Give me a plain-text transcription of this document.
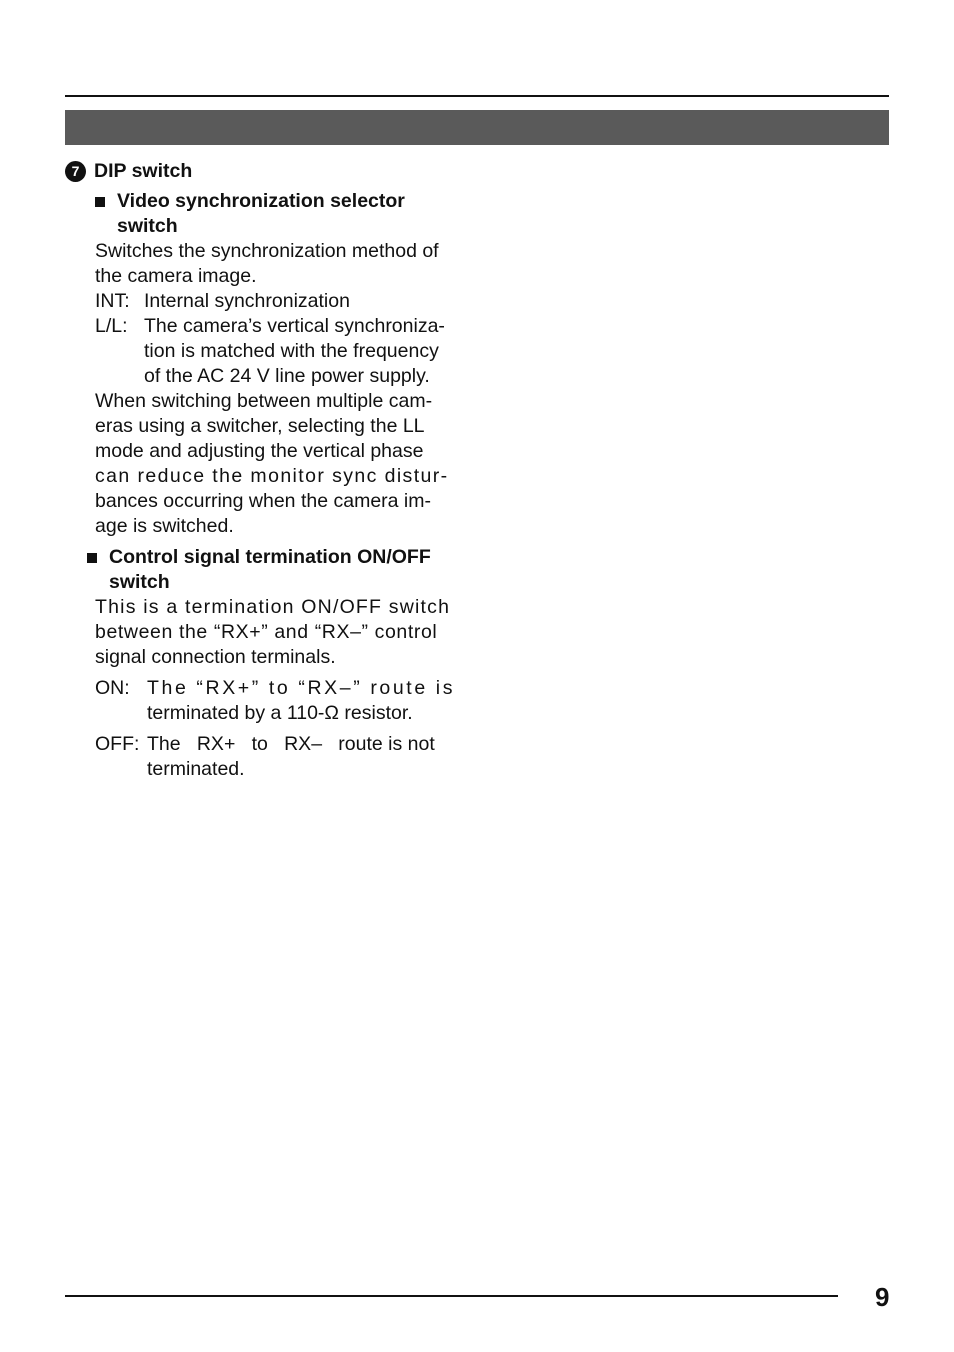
7 DIP switch
Video synchronization selector
switch
Switches the synchronization method of
the camera image.
INT: Internal synchronization
L/L: The camera’s vertical synchroniza-
tion is matched with the frequency
of the AC 24 V line power supply.
When switching between multiple cam-
eras using a switcher, selecting the LL
mode and adjusting the vertical phase
can reduce the monitor sync distur-
bances occurring when the camera im-
age is switched.
Control signal termination ON/OFF
switch
This is a termination ON/OFF switch
between the “RX+” and “RX–” control
signal connection terminals.
ON: The “RX+” to “RX–” route is
terminated by a 110-Ω resistor.
OFF: The   RX+   to   RX–   route is not
terminated.
9
